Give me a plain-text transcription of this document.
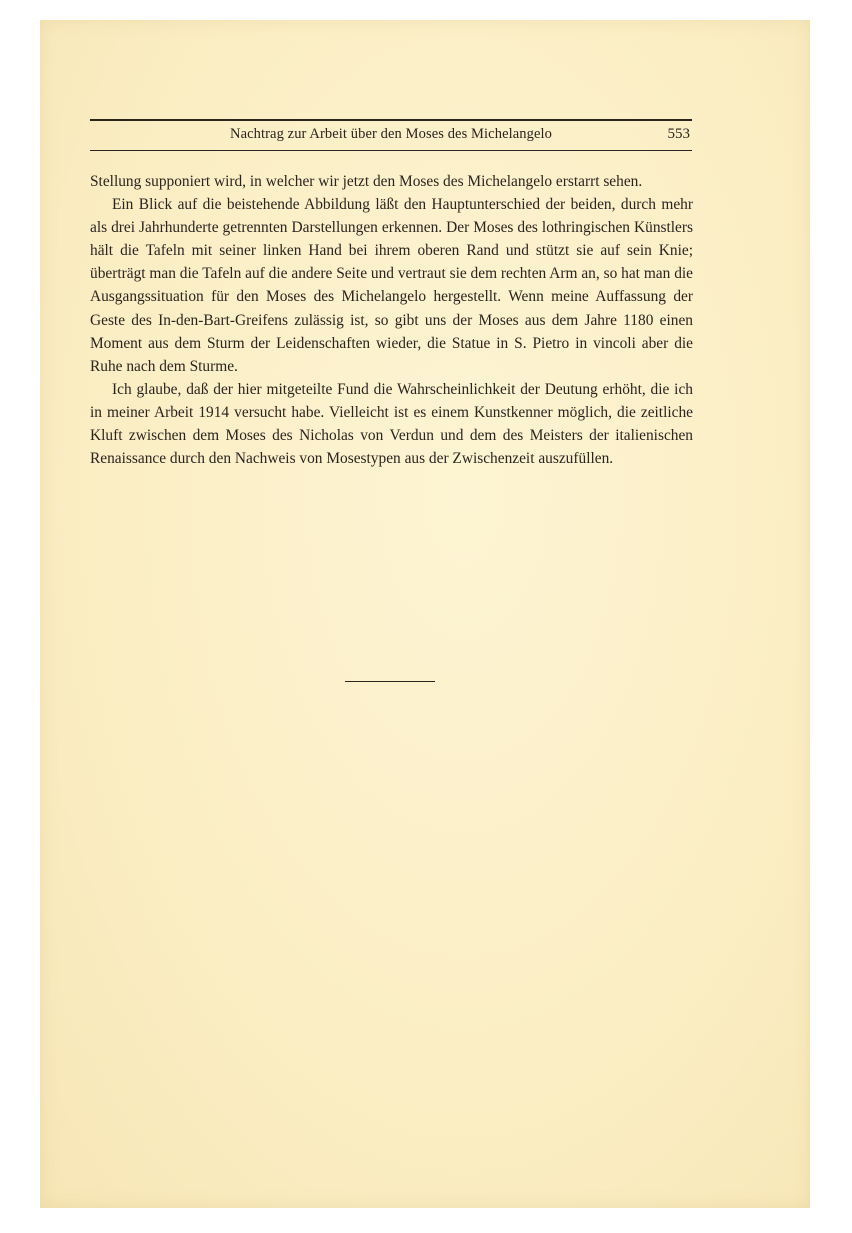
Nachtrag zur Arbeit über den Moses des Michelangelo	553

Stellung supponiert wird, in welcher wir jetzt den Moses des Michelangelo erstarrt sehen.

Ein Blick auf die beistehende Abbildung läßt den Hauptunterschied der beiden, durch mehr als drei Jahrhunderte getrennten Darstellungen erkennen. Der Moses des lothringischen Künstlers hält die Tafeln mit seiner linken Hand bei ihrem oberen Rand und stützt sie auf sein Knie; überträgt man die Tafeln auf die andere Seite und vertraut sie dem rechten Arm an, so hat man die Ausgangssituation für den Moses des Michelangelo hergestellt. Wenn meine Auffassung der Geste des In-den-Bart-Greifens zulässig ist, so gibt uns der Moses aus dem Jahre 1180 einen Moment aus dem Sturm der Leidenschaften wieder, die Statue in S. Pietro in vincoli aber die Ruhe nach dem Sturme.

Ich glaube, daß der hier mitgeteilte Fund die Wahrscheinlichkeit der Deutung erhöht, die ich in meiner Arbeit 1914 versucht habe. Vielleicht ist es einem Kunstkenner möglich, die zeitliche Kluft zwischen dem Moses des Nicholas von Verdun und dem des Meisters der italienischen Renaissance durch den Nachweis von Mosestypen aus der Zwischenzeit auszufüllen.
